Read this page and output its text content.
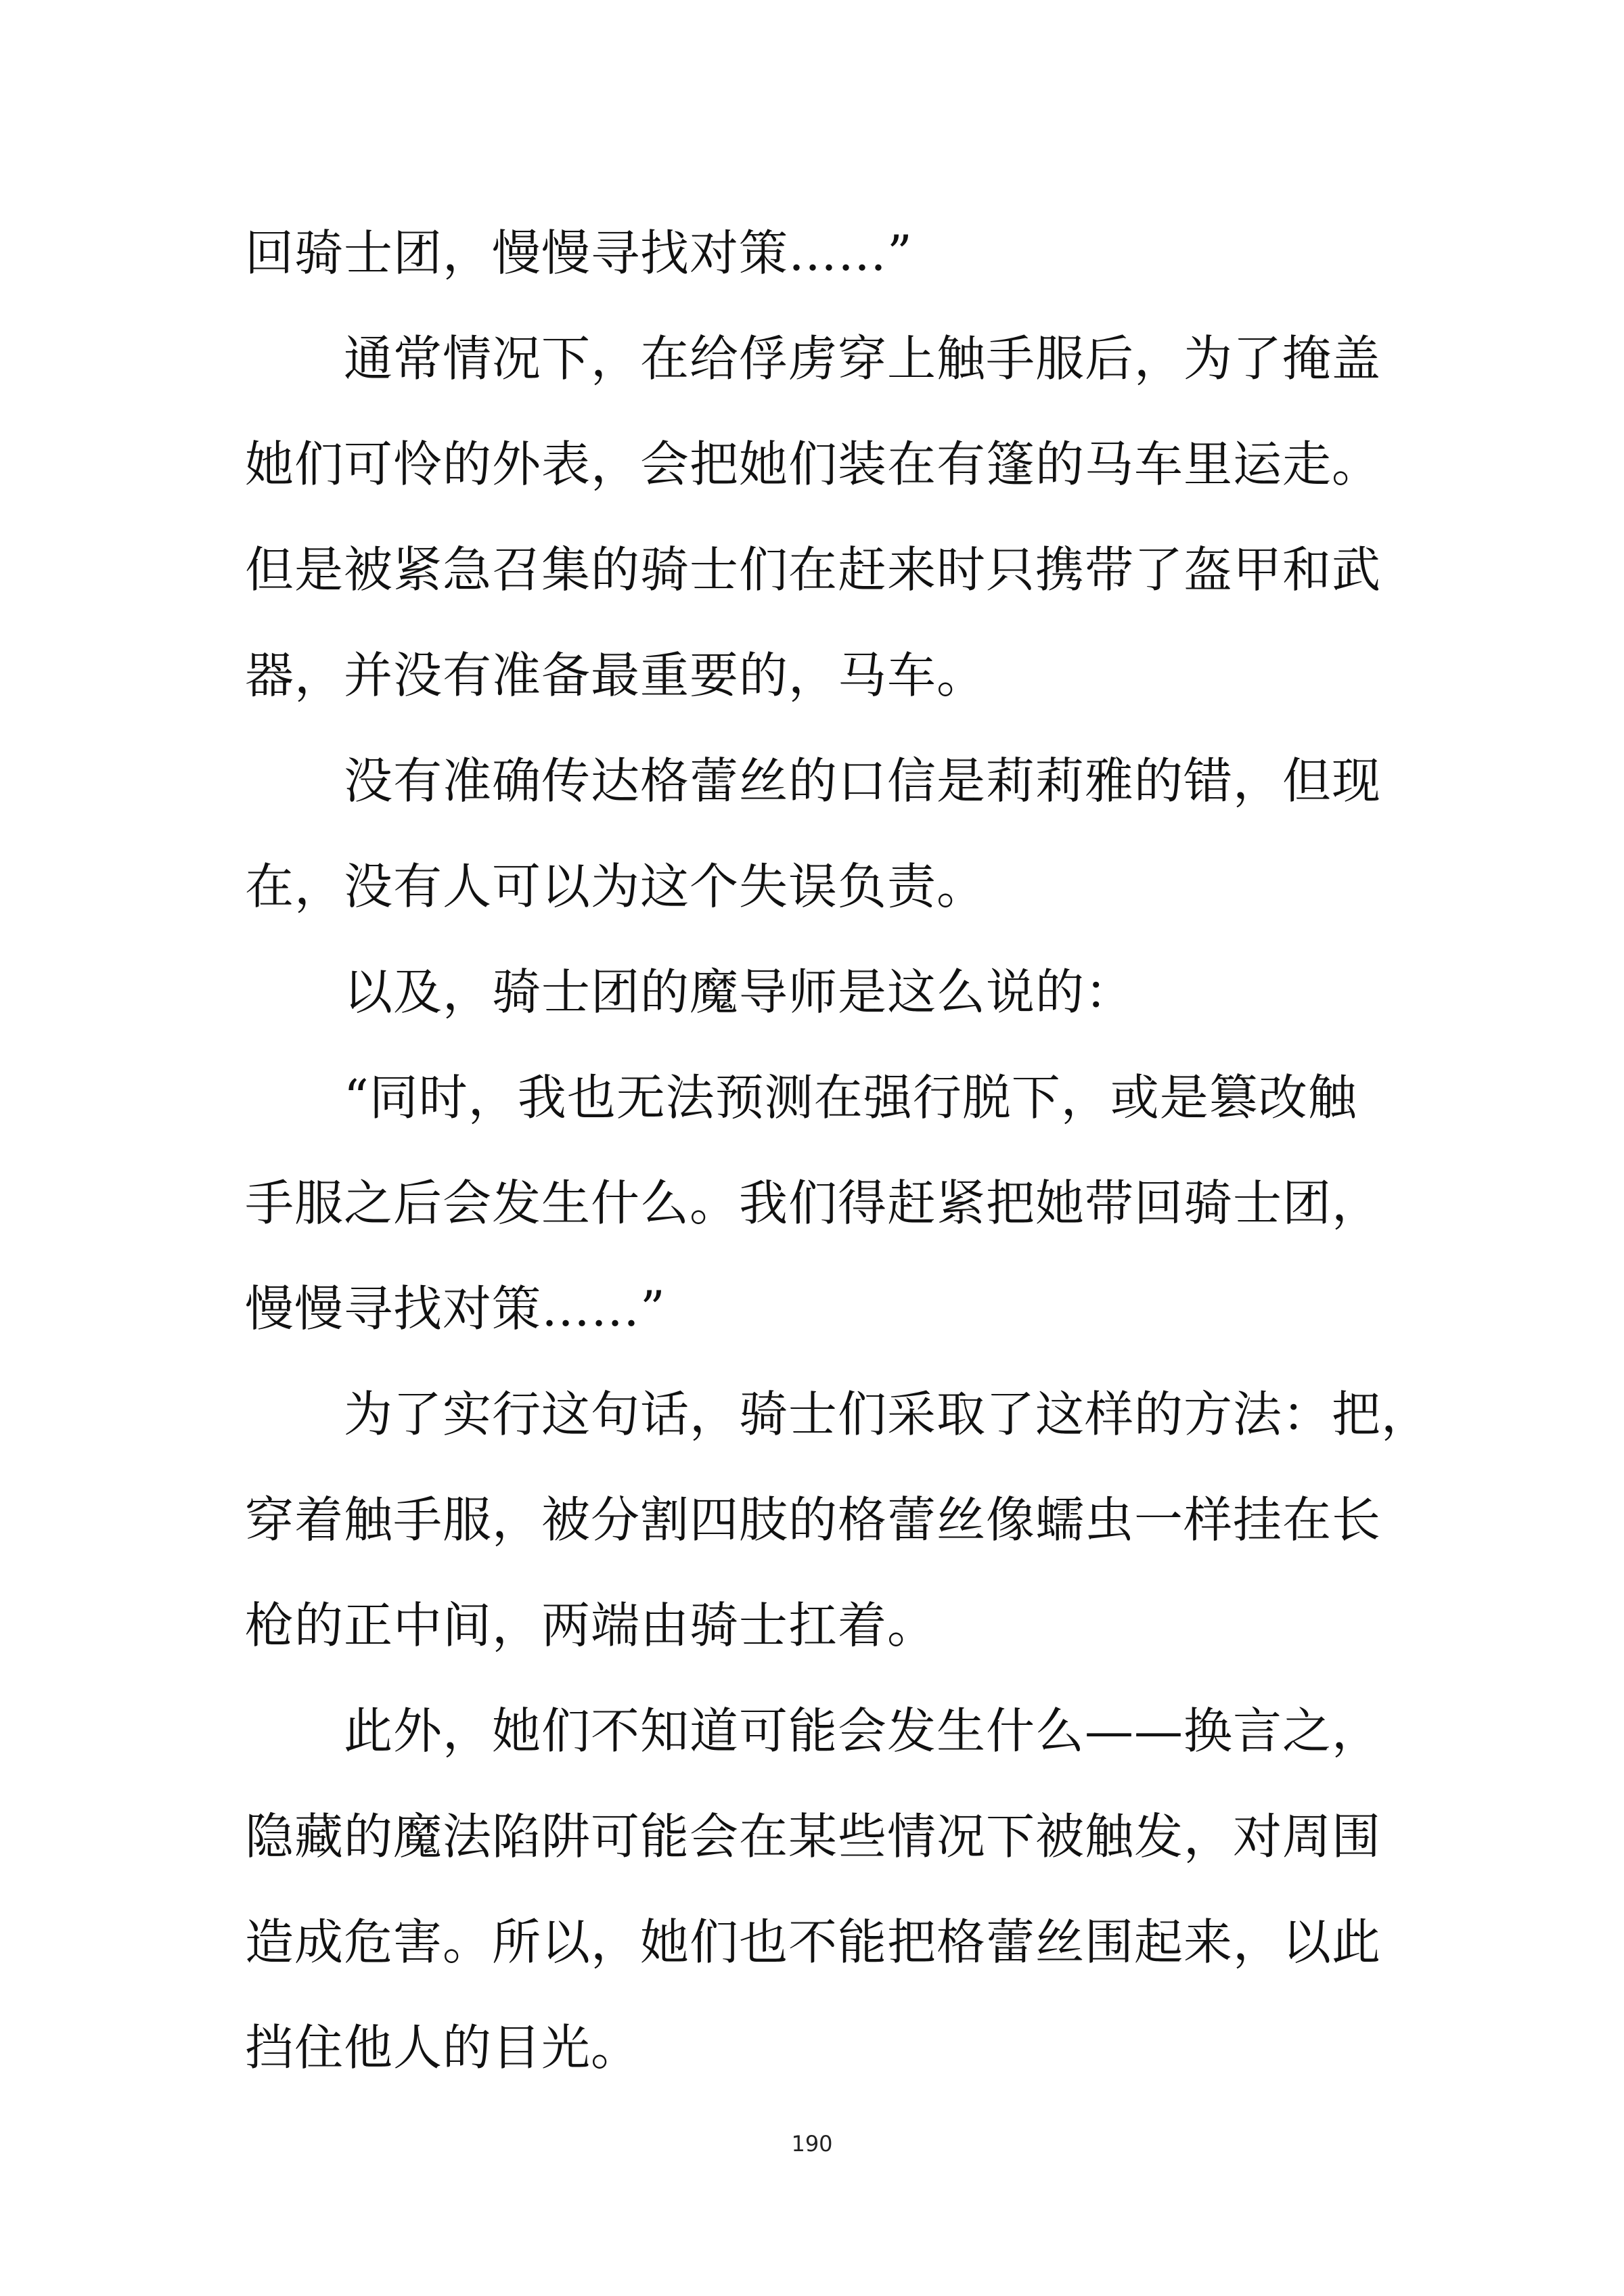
回骑士团，慢慢寻找对策……”
　　通常情况下，在给俘虏穿上触手服后，为了掩盖
她们可怜的外表，会把她们装在有篷的马车里运走。
但是被紧急召集的骑士们在赶来时只携带了盔甲和武
器，并没有准备最重要的，马车。
　　没有准确传达格蕾丝的口信是莉莉雅的错，但现
在，没有人可以为这个失误负责。
　　以及，骑士团的魔导师是这么说的：
　　“同时，我也无法预测在强行脱下，或是篡改触
手服之后会发生什么。我们得赶紧把她带回骑士团，
慢慢寻找对策……”
　　为了实行这句话，骑士们采取了这样的方法：把，
穿着触手服，被分割四肢的格蕾丝像蠕虫一样挂在长
枪的正中间，两端由骑士扛着。
　　此外，她们不知道可能会发生什么——换言之，
隐藏的魔法陷阱可能会在某些情况下被触发，对周围
造成危害。所以，她们也不能把格蕾丝围起来，以此
挡住他人的目光。
190
